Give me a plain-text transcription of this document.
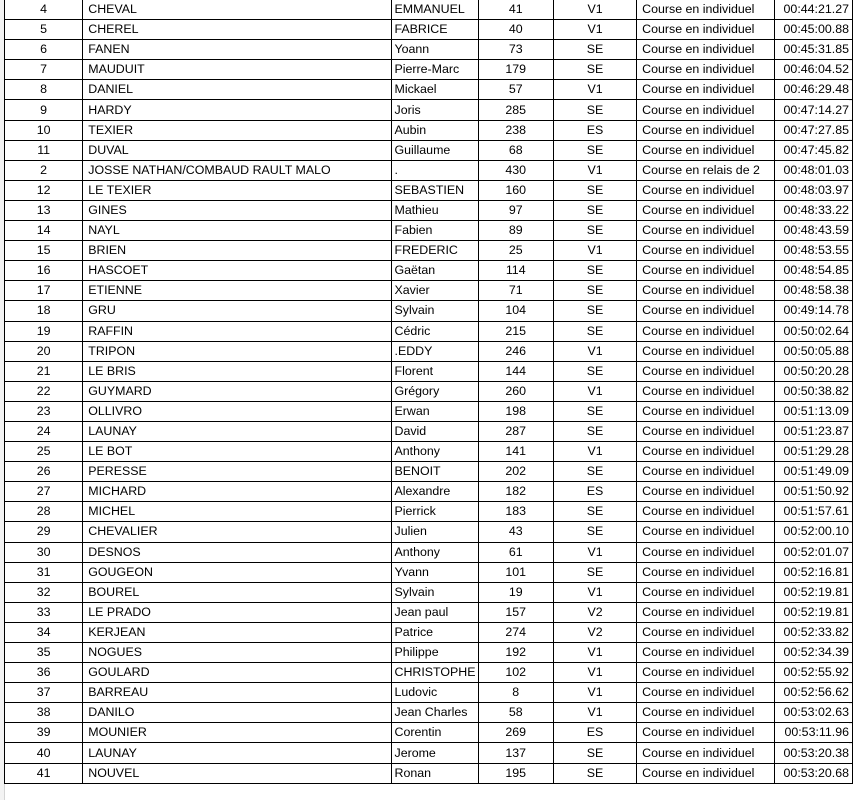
4	CHEVAL	EMMANUEL	41	V1	Course en individuel	00:44:21.27
5	CHEREL	FABRICE	40	V1	Course en individuel	00:45:00.88
6	FANEN	Yoann	73	SE	Course en individuel	00:45:31.85
7	MAUDUIT	Pierre-Marc	179	SE	Course en individuel	00:46:04.52
8	DANIEL	Mickael	57	V1	Course en individuel	00:46:29.48
9	HARDY	Joris	285	SE	Course en individuel	00:47:14.27
10	TEXIER	Aubin	238	ES	Course en individuel	00:47:27.85
11	DUVAL	Guillaume	68	SE	Course en individuel	00:47:45.82
2	JOSSE NATHAN/COMBAUD RAULT MALO	.	430	V1	Course en relais de 2	00:48:01.03
12	LE TEXIER	SEBASTIEN	160	SE	Course en individuel	00:48:03.97
13	GINES	Mathieu	97	SE	Course en individuel	00:48:33.22
14	NAYL	Fabien	89	SE	Course en individuel	00:48:43.59
15	BRIEN	FREDERIC	25	V1	Course en individuel	00:48:53.55
16	HASCOET	Gaëtan	114	SE	Course en individuel	00:48:54.85
17	ETIENNE	Xavier	71	SE	Course en individuel	00:48:58.38
18	GRU	Sylvain	104	SE	Course en individuel	00:49:14.78
19	RAFFIN	Cédric	215	SE	Course en individuel	00:50:02.64
20	TRIPON	.EDDY	246	V1	Course en individuel	00:50:05.88
21	LE BRIS	Florent	144	SE	Course en individuel	00:50:20.28
22	GUYMARD	Grégory	260	V1	Course en individuel	00:50:38.82
23	OLLIVRO	Erwan	198	SE	Course en individuel	00:51:13.09
24	LAUNAY	David	287	SE	Course en individuel	00:51:23.87
25	LE BOT	Anthony	141	V1	Course en individuel	00:51:29.28
26	PERESSE	BENOIT	202	SE	Course en individuel	00:51:49.09
27	MICHARD	Alexandre	182	ES	Course en individuel	00:51:50.92
28	MICHEL	Pierrick	183	SE	Course en individuel	00:51:57.61
29	CHEVALIER	Julien	43	SE	Course en individuel	00:52:00.10
30	DESNOS	Anthony	61	V1	Course en individuel	00:52:01.07
31	GOUGEON	Yvann	101	SE	Course en individuel	00:52:16.81
32	BOUREL	Sylvain	19	V1	Course en individuel	00:52:19.81
33	LE PRADO	Jean paul	157	V2	Course en individuel	00:52:19.81
34	KERJEAN	Patrice	274	V2	Course en individuel	00:52:33.82
35	NOGUES	Philippe	192	V1	Course en individuel	00:52:34.39
36	GOULARD	CHRISTOPHE	102	V1	Course en individuel	00:52:55.92
37	BARREAU	Ludovic	8	V1	Course en individuel	00:52:56.62
38	DANILO	Jean Charles	58	V1	Course en individuel	00:53:02.63
39	MOUNIER	Corentin	269	ES	Course en individuel	00:53:11.96
40	LAUNAY	Jerome	137	SE	Course en individuel	00:53:20.38
41	NOUVEL	Ronan	195	SE	Course en individuel	00:53:20.68
